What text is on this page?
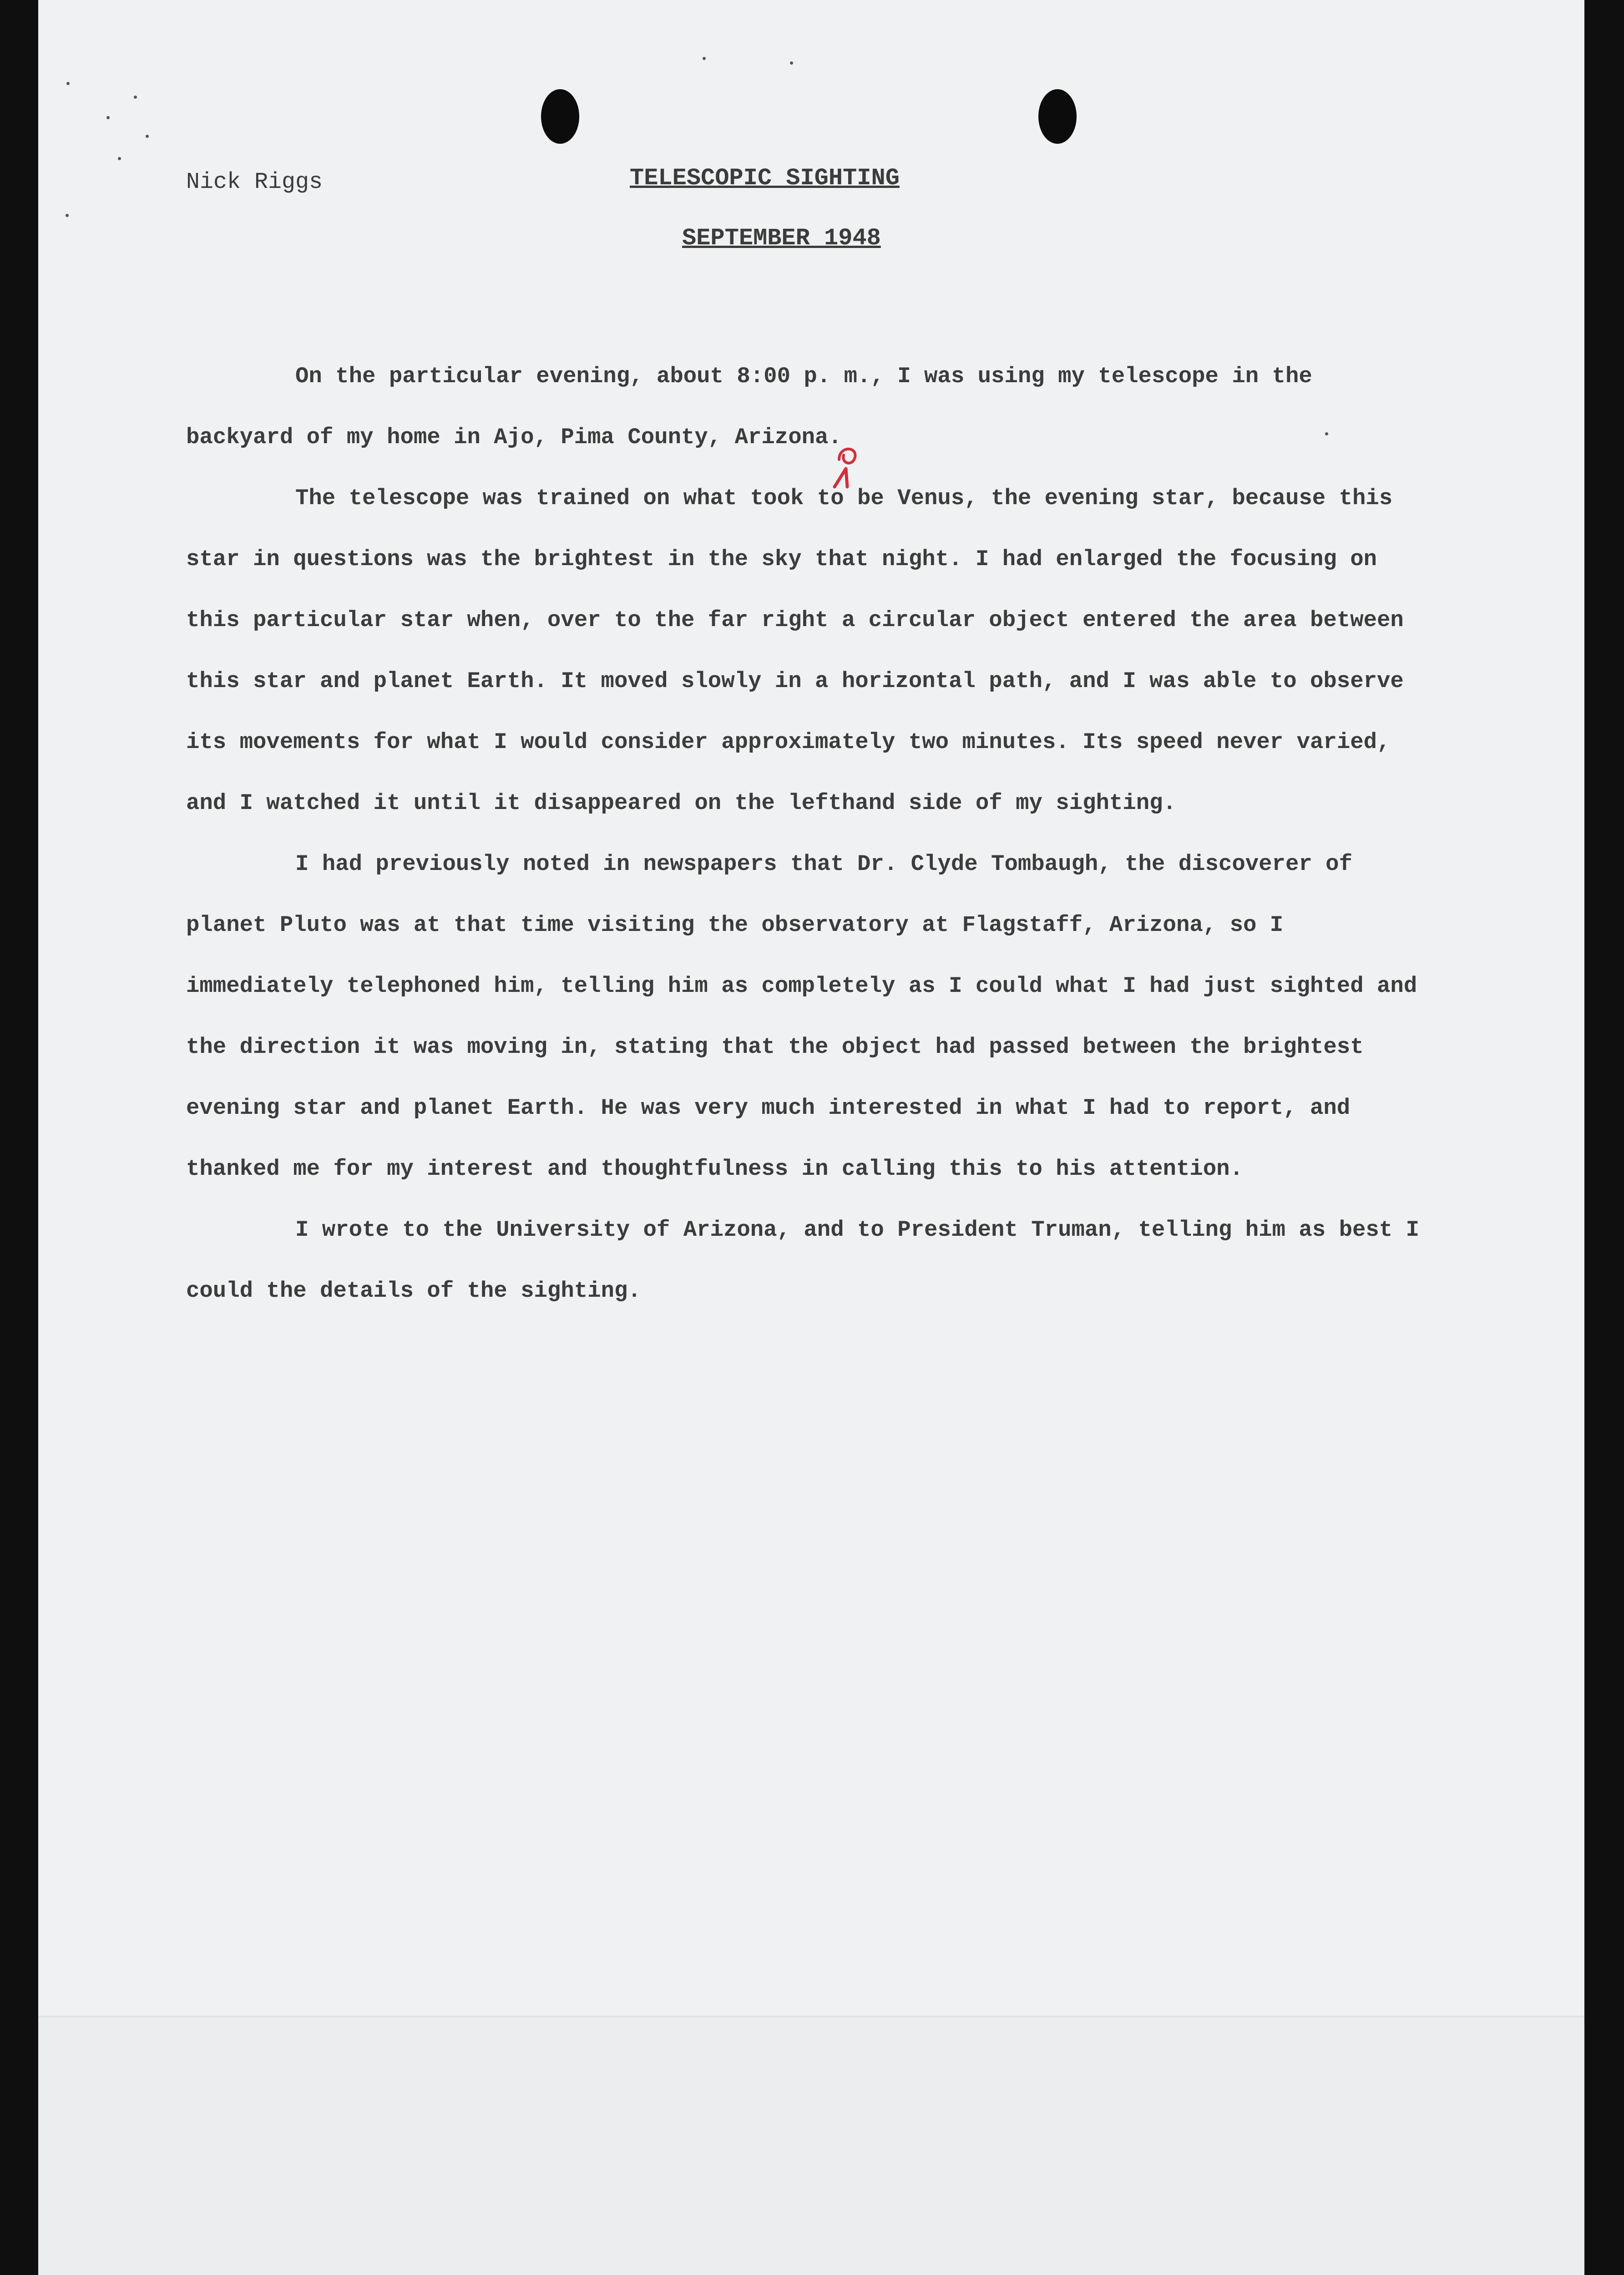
Nick Riggs	TELESCOPIC SIGHTING
SEPTEMBER 1948

On the particular evening, about 8:00 p. m., I was using my telescope in the backyard of my home in Ajo, Pima County, Arizona.

The telescope was trained on what took to be Venus, the evening star, because this star in questions was the brightest in the sky that night. I had enlarged the focusing on this particular star when, over to the far right a circular object entered the area between this star and planet Earth. It moved slowly in a horizontal path, and I was able to observe its movements for what I would consider approximately two minutes. Its speed never varied, and I watched it until it disappeared on the lefthand side of my sighting.

I had previously noted in newspapers that Dr. Clyde Tombaugh, the discoverer of planet Pluto was at that time visiting the observatory at Flagstaff, Arizona, so I immediately telephoned him, telling him as completely as I could what I had just sighted and the direction it was moving in, stating that the object had passed between the brightest evening star and planet Earth. He was very much interested in what I had to report, and thanked me for my interest and thoughtfulness in calling this to his attention.

I wrote to the University of Arizona, and to President Truman, telling him as best I could the details of the sighting.
